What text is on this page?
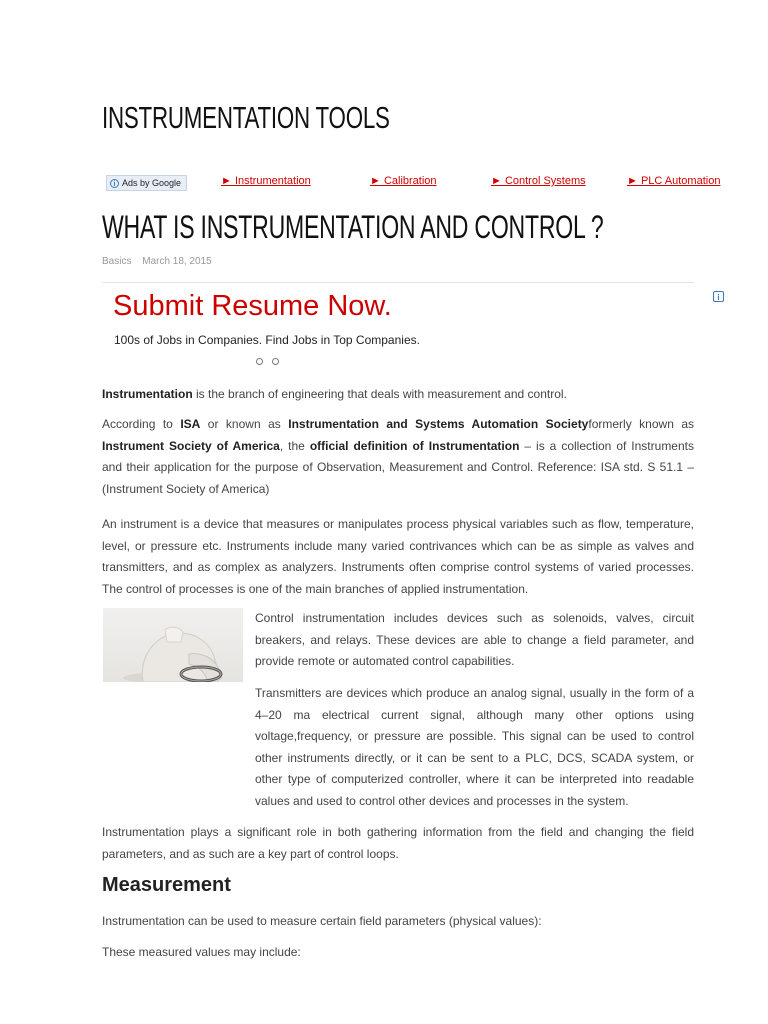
INSTRUMENTATION TOOLS
i Ads by Google	► Instrumentation	► Calibration	► Control Systems	► PLC Automation
WHAT IS INSTRUMENTATION AND CONTROL ?
Basics March 18, 2015
Submit Resume Now.
100s of Jobs in Companies. Find Jobs in Top Companies.
i

Instrumentation is the branch of engineering that deals with measurement and control.

According to ISA or known as Instrumentation and Systems Automation Societyformerly known as Instrument Society of America, the official definition of Instrumentation – is a collection of Instruments and their application for the purpose of Observation, Measurement and Control. Reference: ISA std. S 51.1 – (Instrument Society of America)

An instrument is a device that measures or manipulates process physical variables such as flow, temperature, level, or pressure etc. Instruments include many varied contrivances which can be as simple as valves and transmitters, and as complex as analyzers. Instruments often comprise control systems of varied processes. The control of processes is one of the main branches of applied instrumentation.

Control instrumentation includes devices such as solenoids, valves, circuit breakers, and relays. These devices are able to change a field parameter, and provide remote or automated control capabilities.

Transmitters are devices which produce an analog signal, usually in the form of a 4–20 ma electrical current signal, although many other options using voltage,frequency, or pressure are possible. This signal can be used to control other instruments directly, or it can be sent to a PLC, DCS, SCADA system, or other type of computerized controller, where it can be interpreted into readable values and used to control other devices and processes in the system.

Instrumentation plays a significant role in both gathering information from the field and changing the field parameters, and as such are a key part of control loops.

Measurement

Instrumentation can be used to measure certain field parameters (physical values):

These measured values may include:
